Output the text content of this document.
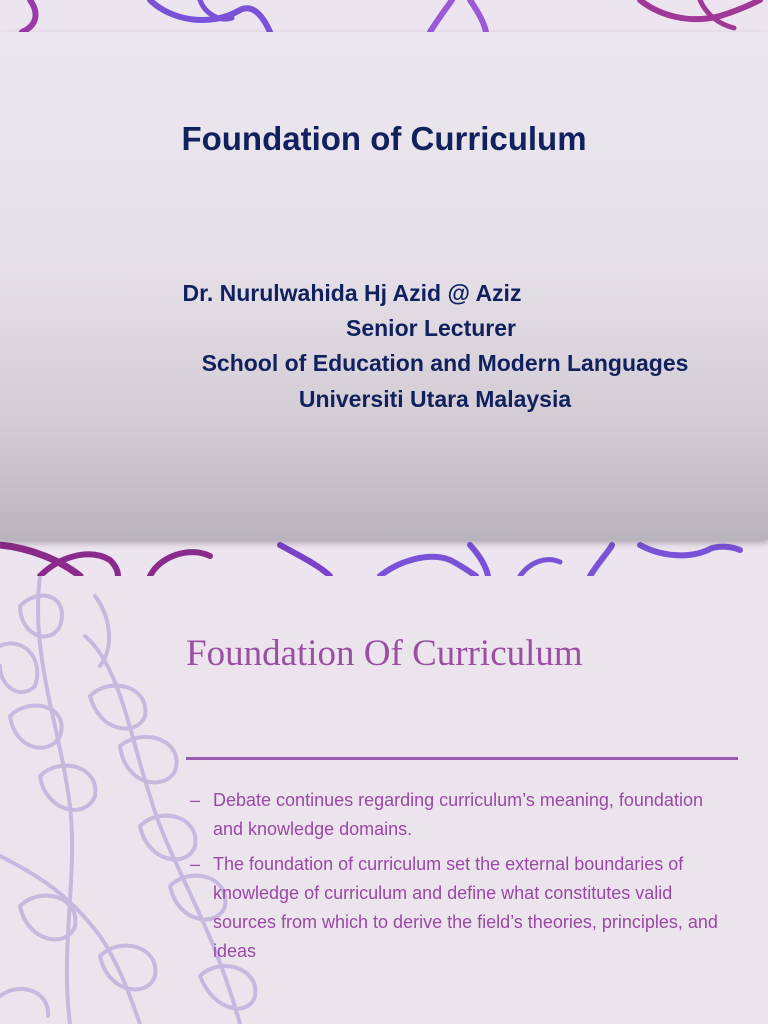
Foundation of Curriculum

Dr. Nurulwahida Hj Azid @ Aziz

Senior Lecturer

School of Education and Modern Languages

Universiti Utara Malaysia

Foundation Of Curriculum
– Debate continues regarding curriculum’s meaning, foundation and knowledge domains.
– The foundation of curriculum set the external boundaries of knowledge of curriculum and define what constitutes valid sources from which to derive the field’s theories, principles, and ideas
